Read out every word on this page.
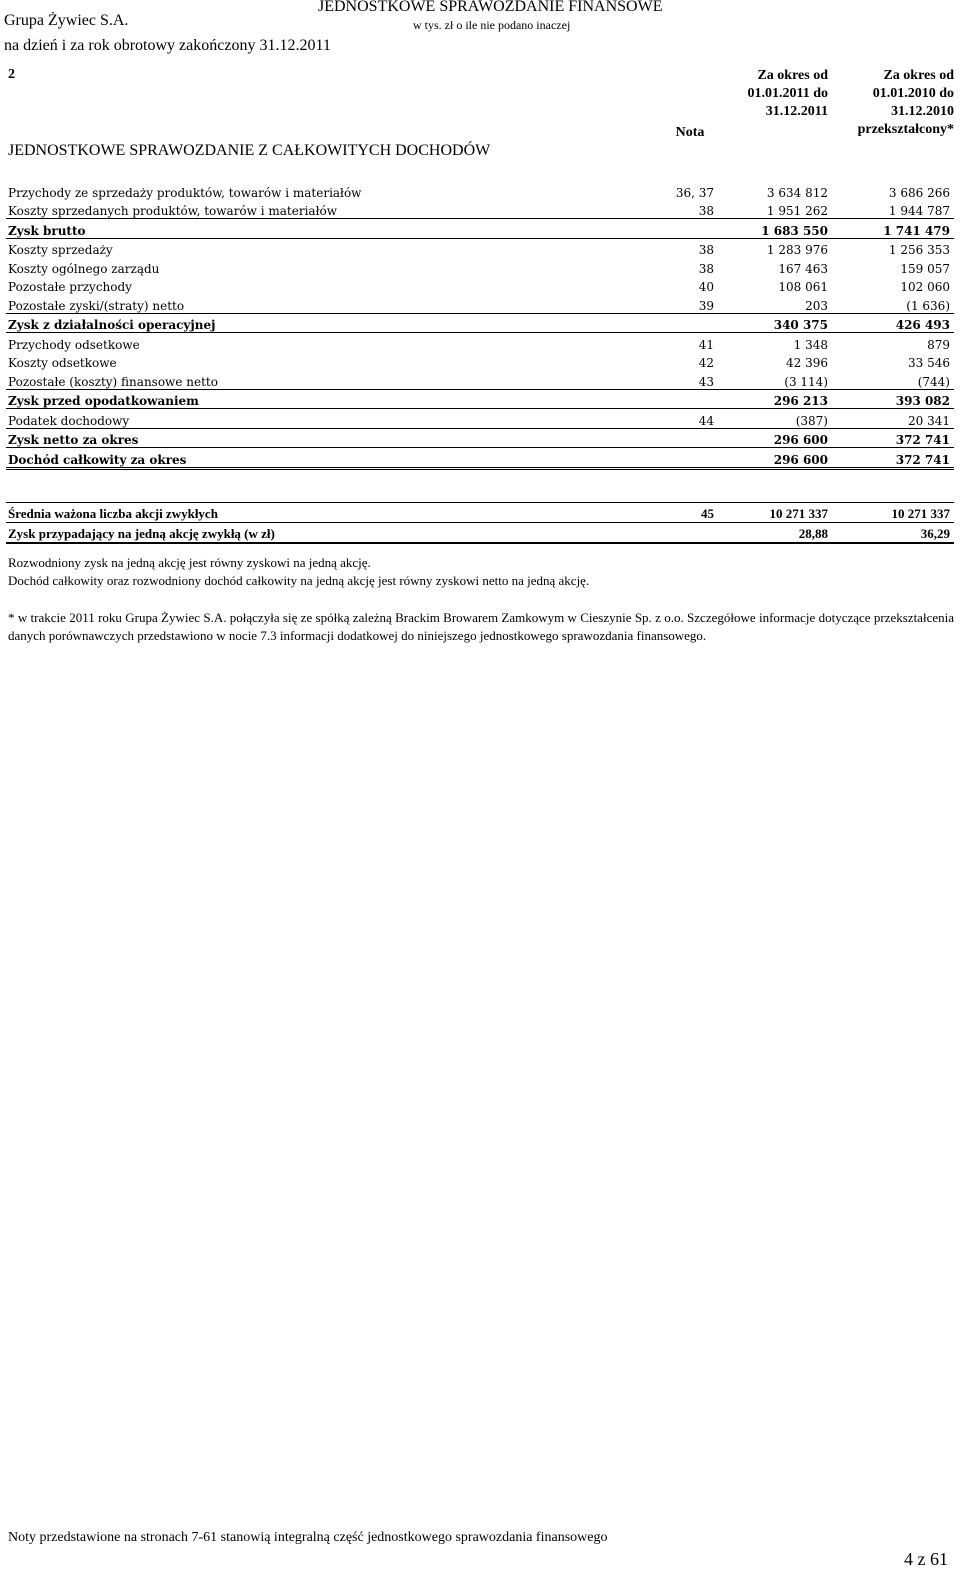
Grupa Żywiec S.A.
na dzień i za rok obrotowy zakończony 31.12.2011
JEDNOSTKOWE SPRAWOZDANIE FINANSOWE
w tys. zł o ile nie podano inaczej
2	Za okres od
01.01.2011 do
31.12.2011
Za okres od
01.01.2010 do
31.12.2010
przekształcony*
Nota
JEDNOSTKOWE SPRAWOZDANIE Z CAŁKOWITYCH DOCHODÓW
Przychody ze sprzedaży produktów, towarów i materiałów	36, 37	3 634 812	3 686 266
Koszty sprzedanych produktów, towarów i materiałów	38	1 951 262	1 944 787
Zysk brutto		1 683 550	1 741 479
Koszty sprzedaży	38	1 283 976	1 256 353
Koszty ogólnego zarządu	38	167 463	159 057
Pozostałe przychody	40	108 061	102 060
Pozostałe zyski/(straty) netto	39	203	(1 636)
Zysk z działalności operacyjnej		340 375	426 493
Przychody odsetkowe	41	1 348	879
Koszty odsetkowe	42	42 396	33 546
Pozostałe (koszty) finansowe netto	43	(3 114)	(744)
Zysk przed opodatkowaniem		296 213	393 082
Podatek dochodowy	44	(387)	20 341
Zysk netto za okres		296 600	372 741
Dochód całkowity za okres		296 600	372 741
Średnia ważona liczba akcji zwykłych	45	10 271 337	10 271 337
Zysk przypadający na jedną akcję zwykłą (w zł)		28,88	36,29
Rozwodniony zysk na jedną akcję jest równy zyskowi na jedną akcję.
Dochód całkowity oraz rozwodniony dochód całkowity na jedną akcję jest równy zyskowi netto na jedną akcję.
* w trakcie 2011 roku Grupa Żywiec S.A. połączyła się ze spółką zależną Brackim Browarem Zamkowym w Cieszynie Sp. z o.o. Szczegółowe informacje dotyczące przekształcenia danych porównawczych przedstawiono w nocie 7.3 informacji dodatkowej do niniejszego jednostkowego sprawozdania finansowego.
Noty przedstawione na stronach 7-61 stanowią integralną część jednostkowego sprawozdania finansowego
4 z 61
